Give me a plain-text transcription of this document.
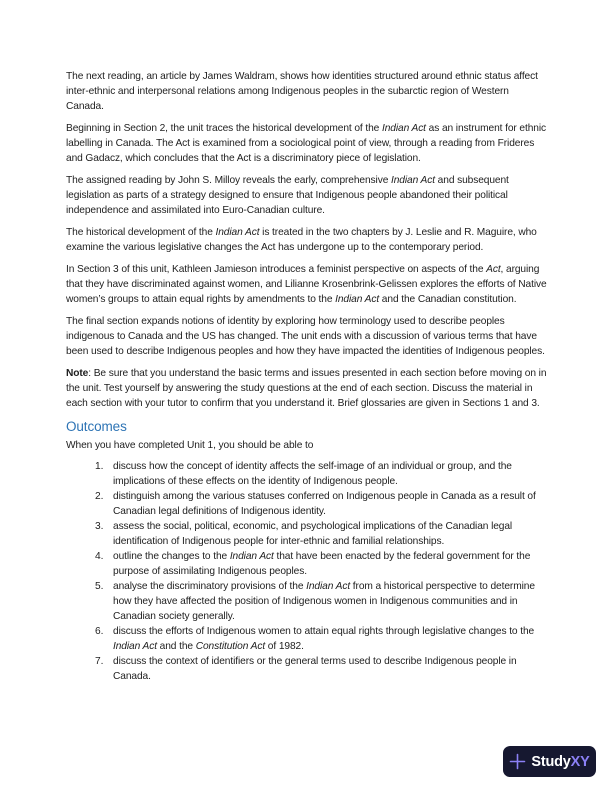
The next reading, an article by James Waldram, shows how identities structured around ethnic status affect inter-ethnic and interpersonal relations among Indigenous peoples in the subarctic region of Western Canada.

Beginning in Section 2, the unit traces the historical development of the Indian Act as an instrument for ethnic labelling in Canada. The Act is examined from a sociological point of view, through a reading from Frideres and Gadacz, which concludes that the Act is a discriminatory piece of legislation.

The assigned reading by John S. Milloy reveals the early, comprehensive Indian Act and subsequent legislation as parts of a strategy designed to ensure that Indigenous people abandoned their political independence and assimilated into Euro-Canadian culture.

The historical development of the Indian Act is treated in the two chapters by J. Leslie and R. Maguire, who examine the various legislative changes the Act has undergone up to the contemporary period.

In Section 3 of this unit, Kathleen Jamieson introduces a feminist perspective on aspects of the Act, arguing that they have discriminated against women, and Lilianne Krosenbrink-Gelissen explores the efforts of Native women’s groups to attain equal rights by amendments to the Indian Act and the Canadian constitution.

The final section expands notions of identity by exploring how terminology used to describe peoples indigenous to Canada and the US has changed. The unit ends with a discussion of various terms that have been used to describe Indigenous peoples and how they have impacted the identities of Indigenous peoples.

Note: Be sure that you understand the basic terms and issues presented in each section before moving on in the unit. Test yourself by answering the study questions at the end of each section. Discuss the material in each section with your tutor to confirm that you understand it. Brief glossaries are given in Sections 1 and 3.

Outcomes

When you have completed Unit 1, you should be able to

1. discuss how the concept of identity affects the self-image of an individual or group, and the implications of these effects on the identity of Indigenous people.
2. distinguish among the various statuses conferred on Indigenous people in Canada as a result of Canadian legal definitions of Indigenous identity.
3. assess the social, political, economic, and psychological implications of the Canadian legal identification of Indigenous people for inter-ethnic and familial relationships.
4. outline the changes to the Indian Act that have been enacted by the federal government for the purpose of assimilating Indigenous peoples.
5. analyse the discriminatory provisions of the Indian Act from a historical perspective to determine how they have affected the position of Indigenous women in Indigenous communities and in Canadian society generally.
6. discuss the efforts of Indigenous women to attain equal rights through legislative changes to the Indian Act and the Constitution Act of 1982.
7. discuss the context of identifiers or the general terms used to describe Indigenous people in Canada.
StudyXY
